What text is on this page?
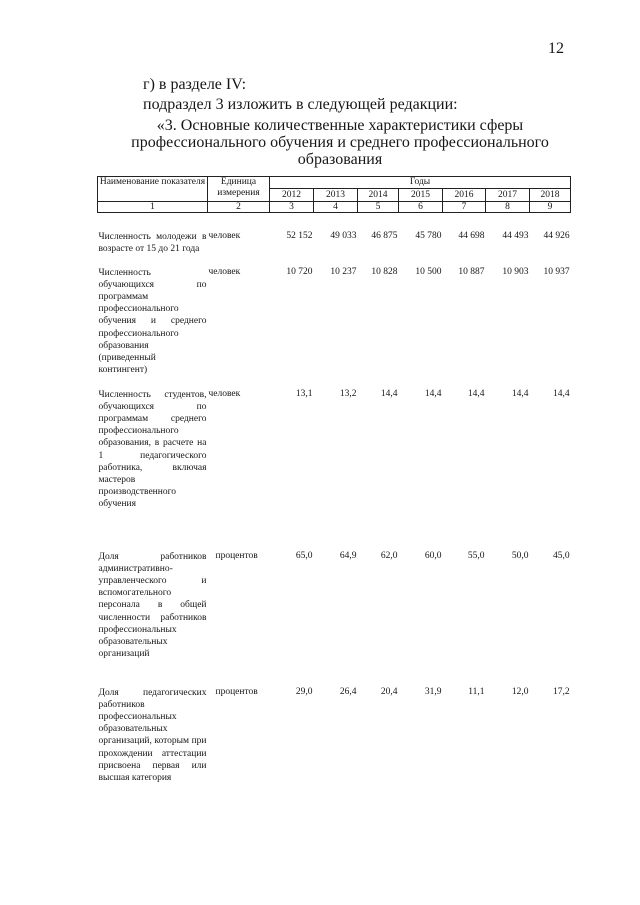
12
г) в разделе IV:
подраздел 3 изложить в следующей редакции:
«3. Основные количественные характеристики сферы
профессионального обучения и среднего профессионального
образования
Наименование показателя	Единица измерения	Годы						
		2012	2013	2014	2015	2016	2017	2018
1	2	3	4	5	6	7	8	9
Численность молодежи в возрасте от 15 до 21 года	человек	52 152	49 033	46 875	45 780	44 698	44 493	44 926
Численность обучающихся по программам профессионального обучения и среднего профессионального образования (приведенный контингент)	человек	10 720	10 237	10 828	10 500	10 887	10 903	10 937
Численность студентов, обучающихся по программам среднего профессионального образования, в расчете на 1 педагогического работника, включая мастеров производственного обучения	человек	13,1	13,2	14,4	14,4	14,4	14,4	14,4
Доля работников административно-управленческого и вспомогательного персонала в общей численности работников профессиональных образовательных организаций	процентов	65,0	64,9	62,0	60,0	55,0	50,0	45,0
Доля педагогических работников профессиональных образовательных организаций, которым при прохождении аттестации присвоена первая или высшая категория	процентов	29,0	26,4	20,4	31,9	11,1	12,0	17,2
